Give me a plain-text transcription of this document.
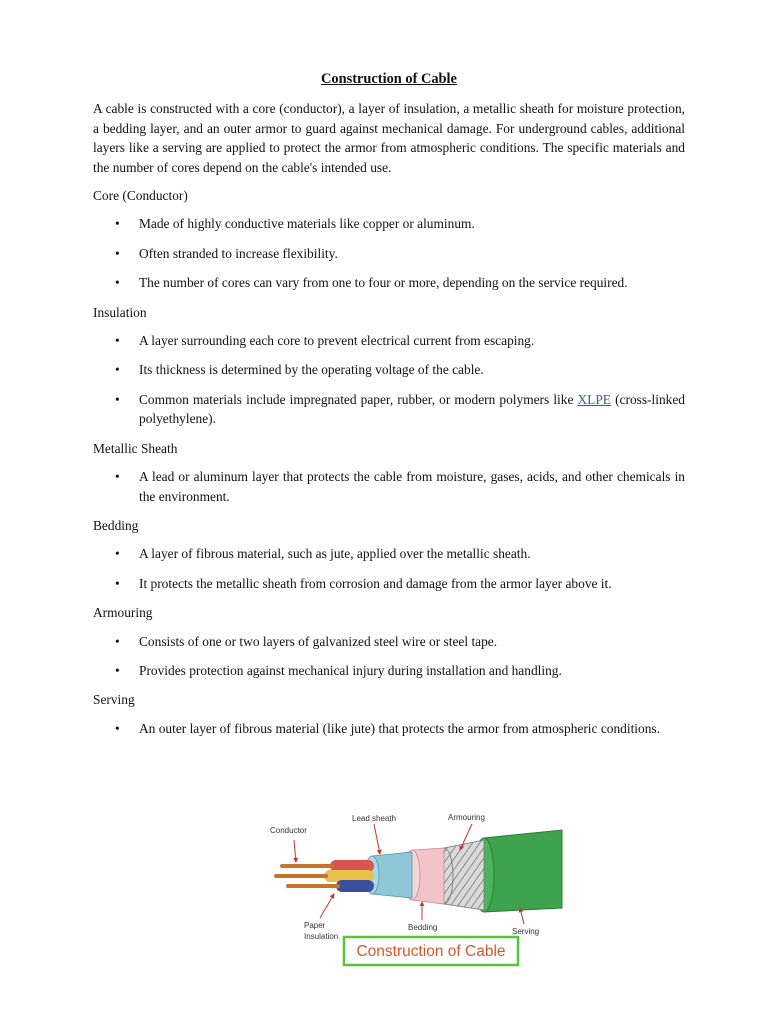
Construction of Cable
A cable is constructed with a core (conductor), a layer of insulation, a metallic sheath for moisture protection, a bedding layer, and an outer armor to guard against mechanical damage. For underground cables, additional layers like a serving are applied to protect the armor from atmospheric conditions. The specific materials and the number of cores depend on the cable's intended use.
Core (Conductor)
• Made of highly conductive materials like copper or aluminum.
• Often stranded to increase flexibility.
• The number of cores can vary from one to four or more, depending on the service required.
Insulation
• A layer surrounding each core to prevent electrical current from escaping.
• Its thickness is determined by the operating voltage of the cable.
• Common materials include impregnated paper, rubber, or modern polymers like XLPE (cross-linked polyethylene).
Metallic Sheath
• A lead or aluminum layer that protects the cable from moisture, gases, acids, and other chemicals in the environment.
Bedding
• A layer of fibrous material, such as jute, applied over the metallic sheath.
• It protects the metallic sheath from corrosion and damage from the armor layer above it.
Armouring
• Consists of one or two layers of galvanized steel wire or steel tape.
• Provides protection against mechanical injury during installation and handling.
Serving
• An outer layer of fibrous material (like jute) that protects the armor from atmospheric conditions.
Conductor
Lead sheath	Armouring
Paper
Insulation
Bedding	Serving
Construction of Cable
